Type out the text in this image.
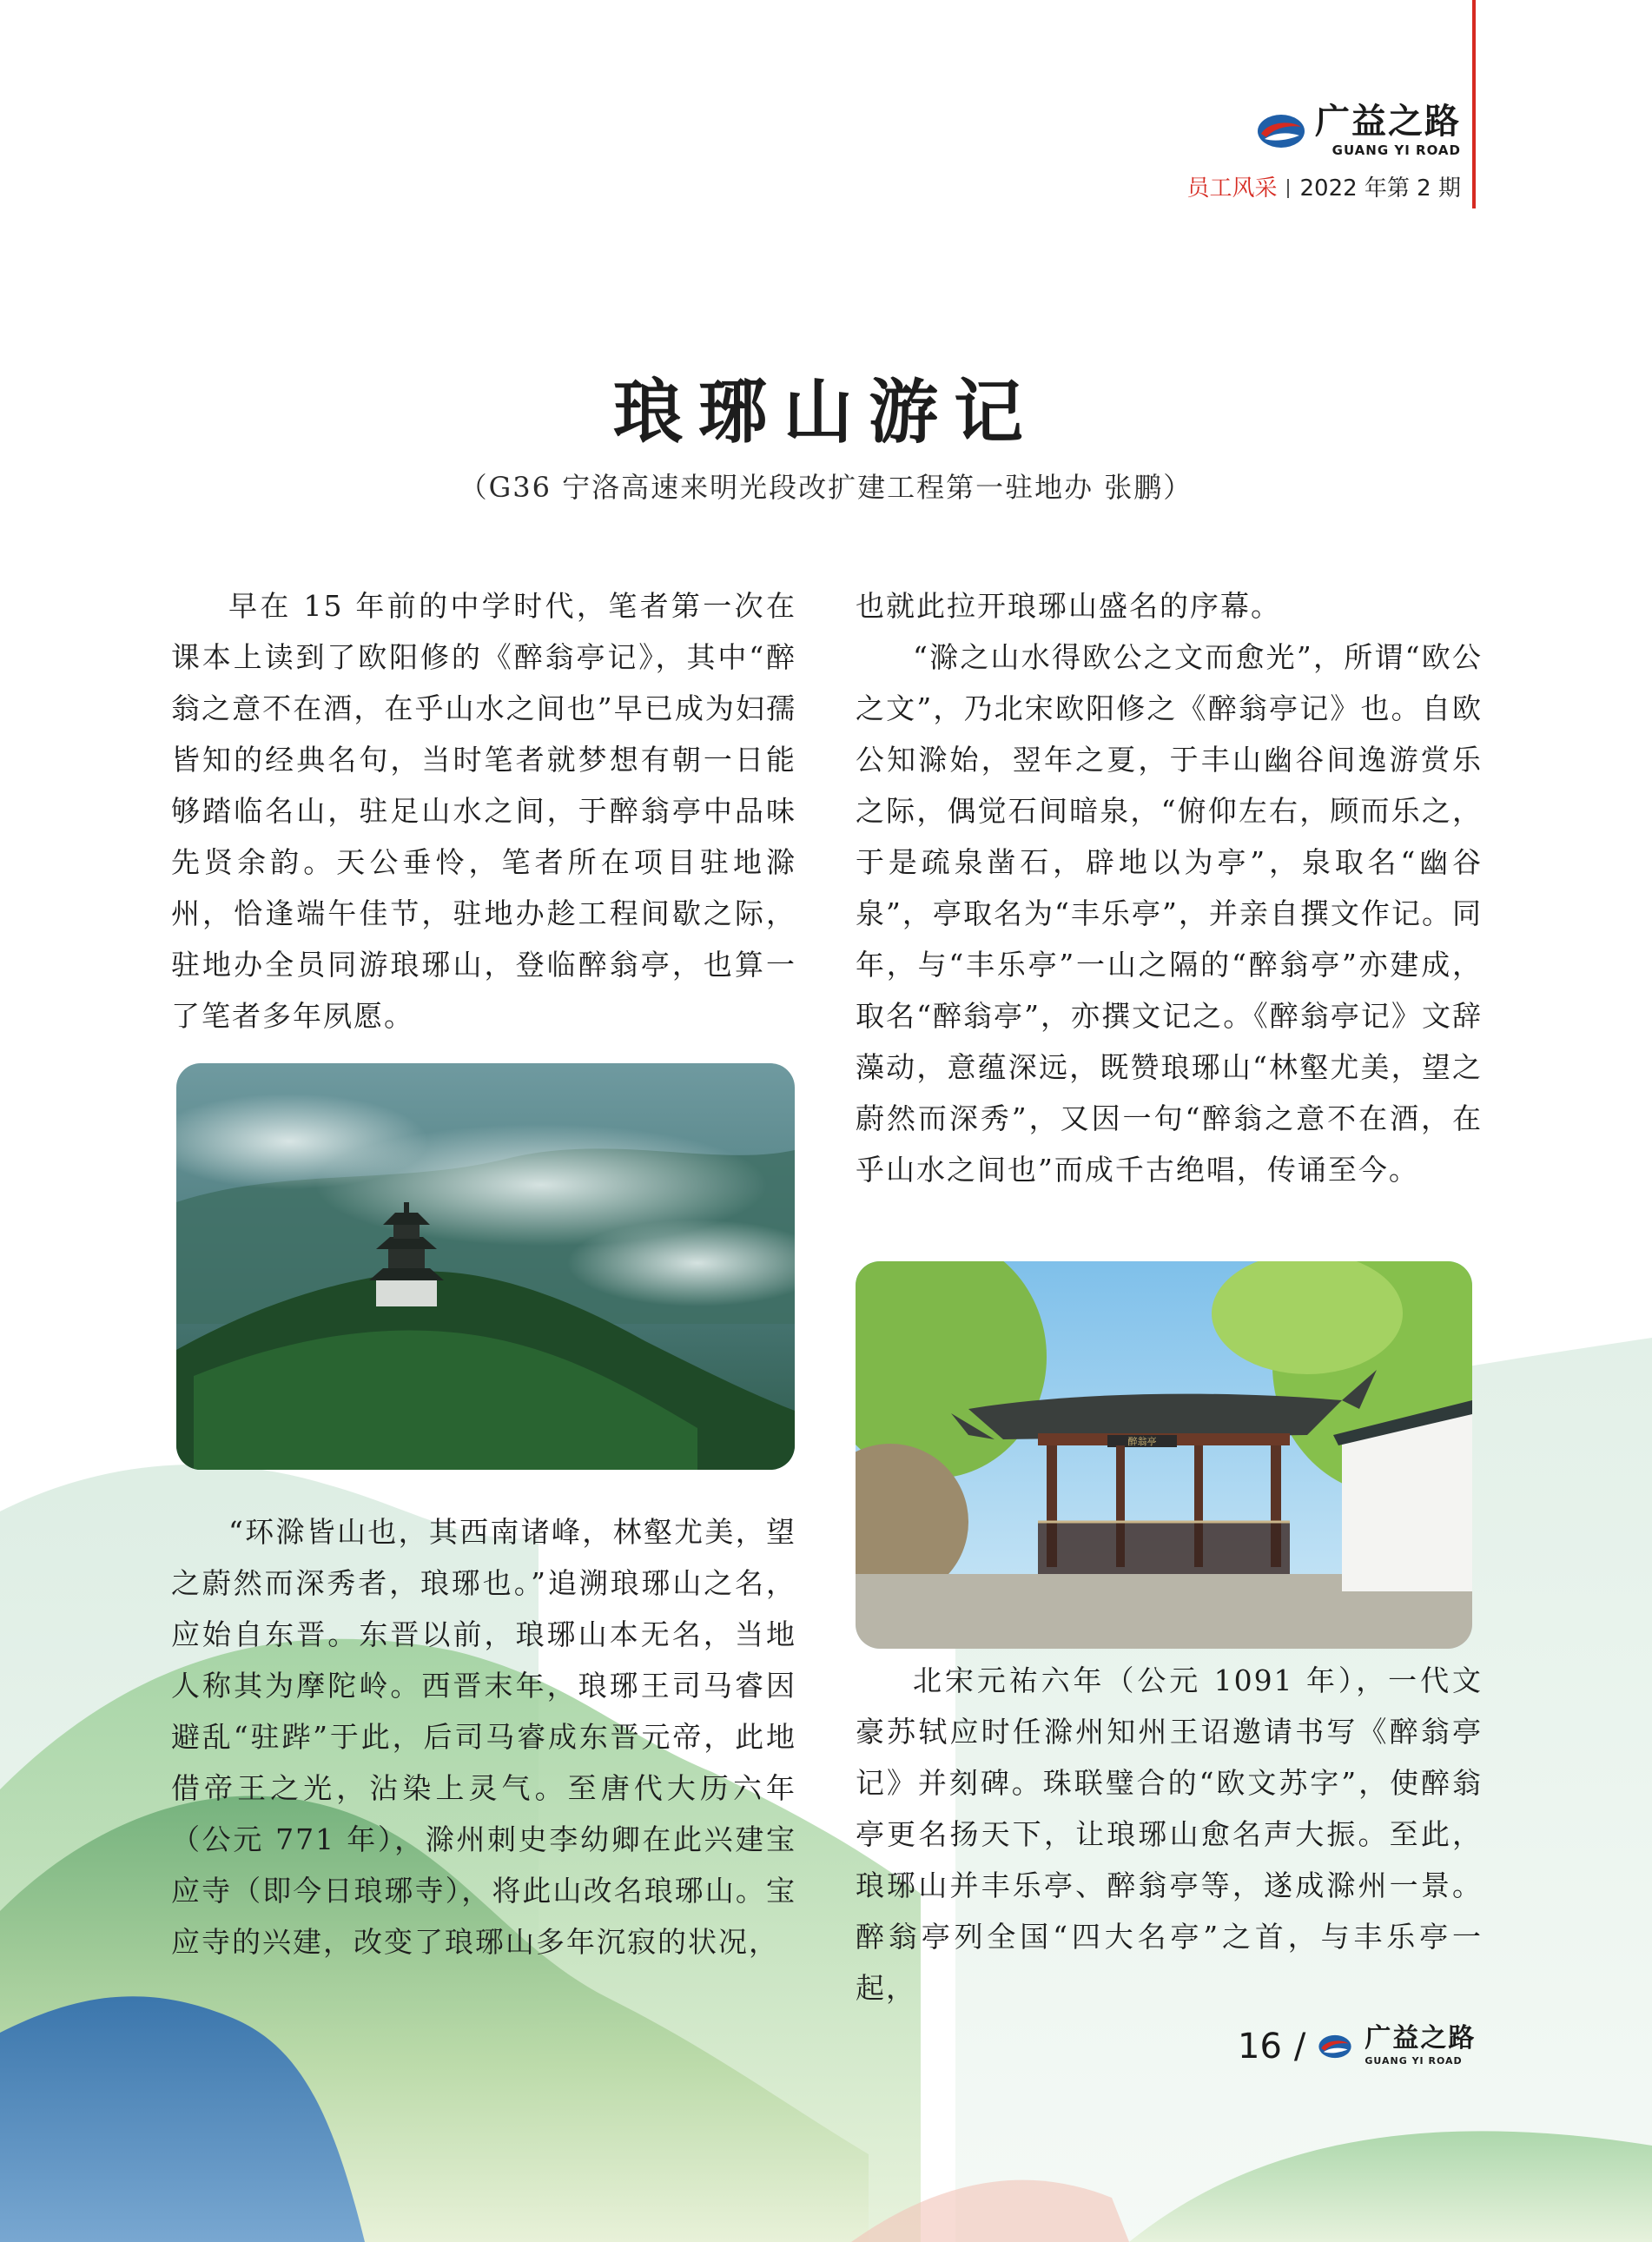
广益之路
GUANG YI ROAD
员工风采 2022 年第 2 期
琅琊山游记
（G36 宁洛高速来明光段改扩建工程第一驻地办 张鹏）

早在 15 年前的中学时代，笔者第一次在课本上读到了欧阳修的《醉翁亭记》，其中“醉翁之意不在酒，在乎山水之间也”早已成为妇孺皆知的经典名句，当时笔者就梦想有朝一日能够踏临名山，驻足山水之间，于醉翁亭中品味先贤余韵。天公垂怜，笔者所在项目驻地滁州，恰逢端午佳节，驻地办趁工程间歇之际，驻地办全员同游琅琊山，登临醉翁亭，也算一了笔者多年夙愿。

“环滁皆山也，其西南诸峰，林壑尤美，望之蔚然而深秀者，琅琊也。”追溯琅琊山之名，应始自东晋。东晋以前，琅琊山本无名，当地人称其为摩陀岭。西晋末年，琅琊王司马睿因避乱“驻跸”于此，后司马睿成东晋元帝，此地借帝王之光，沾染上灵气。至唐代大历六年（公元 771 年），滁州刺史李幼卿在此兴建宝应寺（即今日琅琊寺），将此山改名琅琊山。宝应寺的兴建，改变了琅琊山多年沉寂的状况，

也就此拉开琅琊山盛名的序幕。

“滁之山水得欧公之文而愈光”，所谓“欧公之文”，乃北宋欧阳修之《醉翁亭记》也。自欧公知滁始，翌年之夏，于丰山幽谷间逸游赏乐之际，偶觉石间暗泉，“俯仰左右，顾而乐之，于是疏泉凿石，辟地以为亭”，泉取名“幽谷泉”，亭取名为“丰乐亭”，并亲自撰文作记。同年，与“丰乐亭”一山之隔的“醉翁亭”亦建成，取名“醉翁亭”，亦撰文记之。《醉翁亭记》文辞藻动，意蕴深远，既赞琅琊山“林壑尤美，望之蔚然而深秀”，又因一句“醉翁之意不在酒，在乎山水之间也”而成千古绝唱，传诵至今。

醉翁亭

北宋元祐六年（公元 1091 年），一代文豪苏轼应时任滁州知州王诏邀请书写《醉翁亭记》并刻碑。珠联璧合的“欧文苏字”，使醉翁亭更名扬天下，让琅琊山愈名声大振。至此，琅琊山并丰乐亭、醉翁亭等，遂成滁州一景。醉翁亭列全国“四大名亭”之首，与丰乐亭一起，

16 / 广益之路
GUANG YI ROAD
